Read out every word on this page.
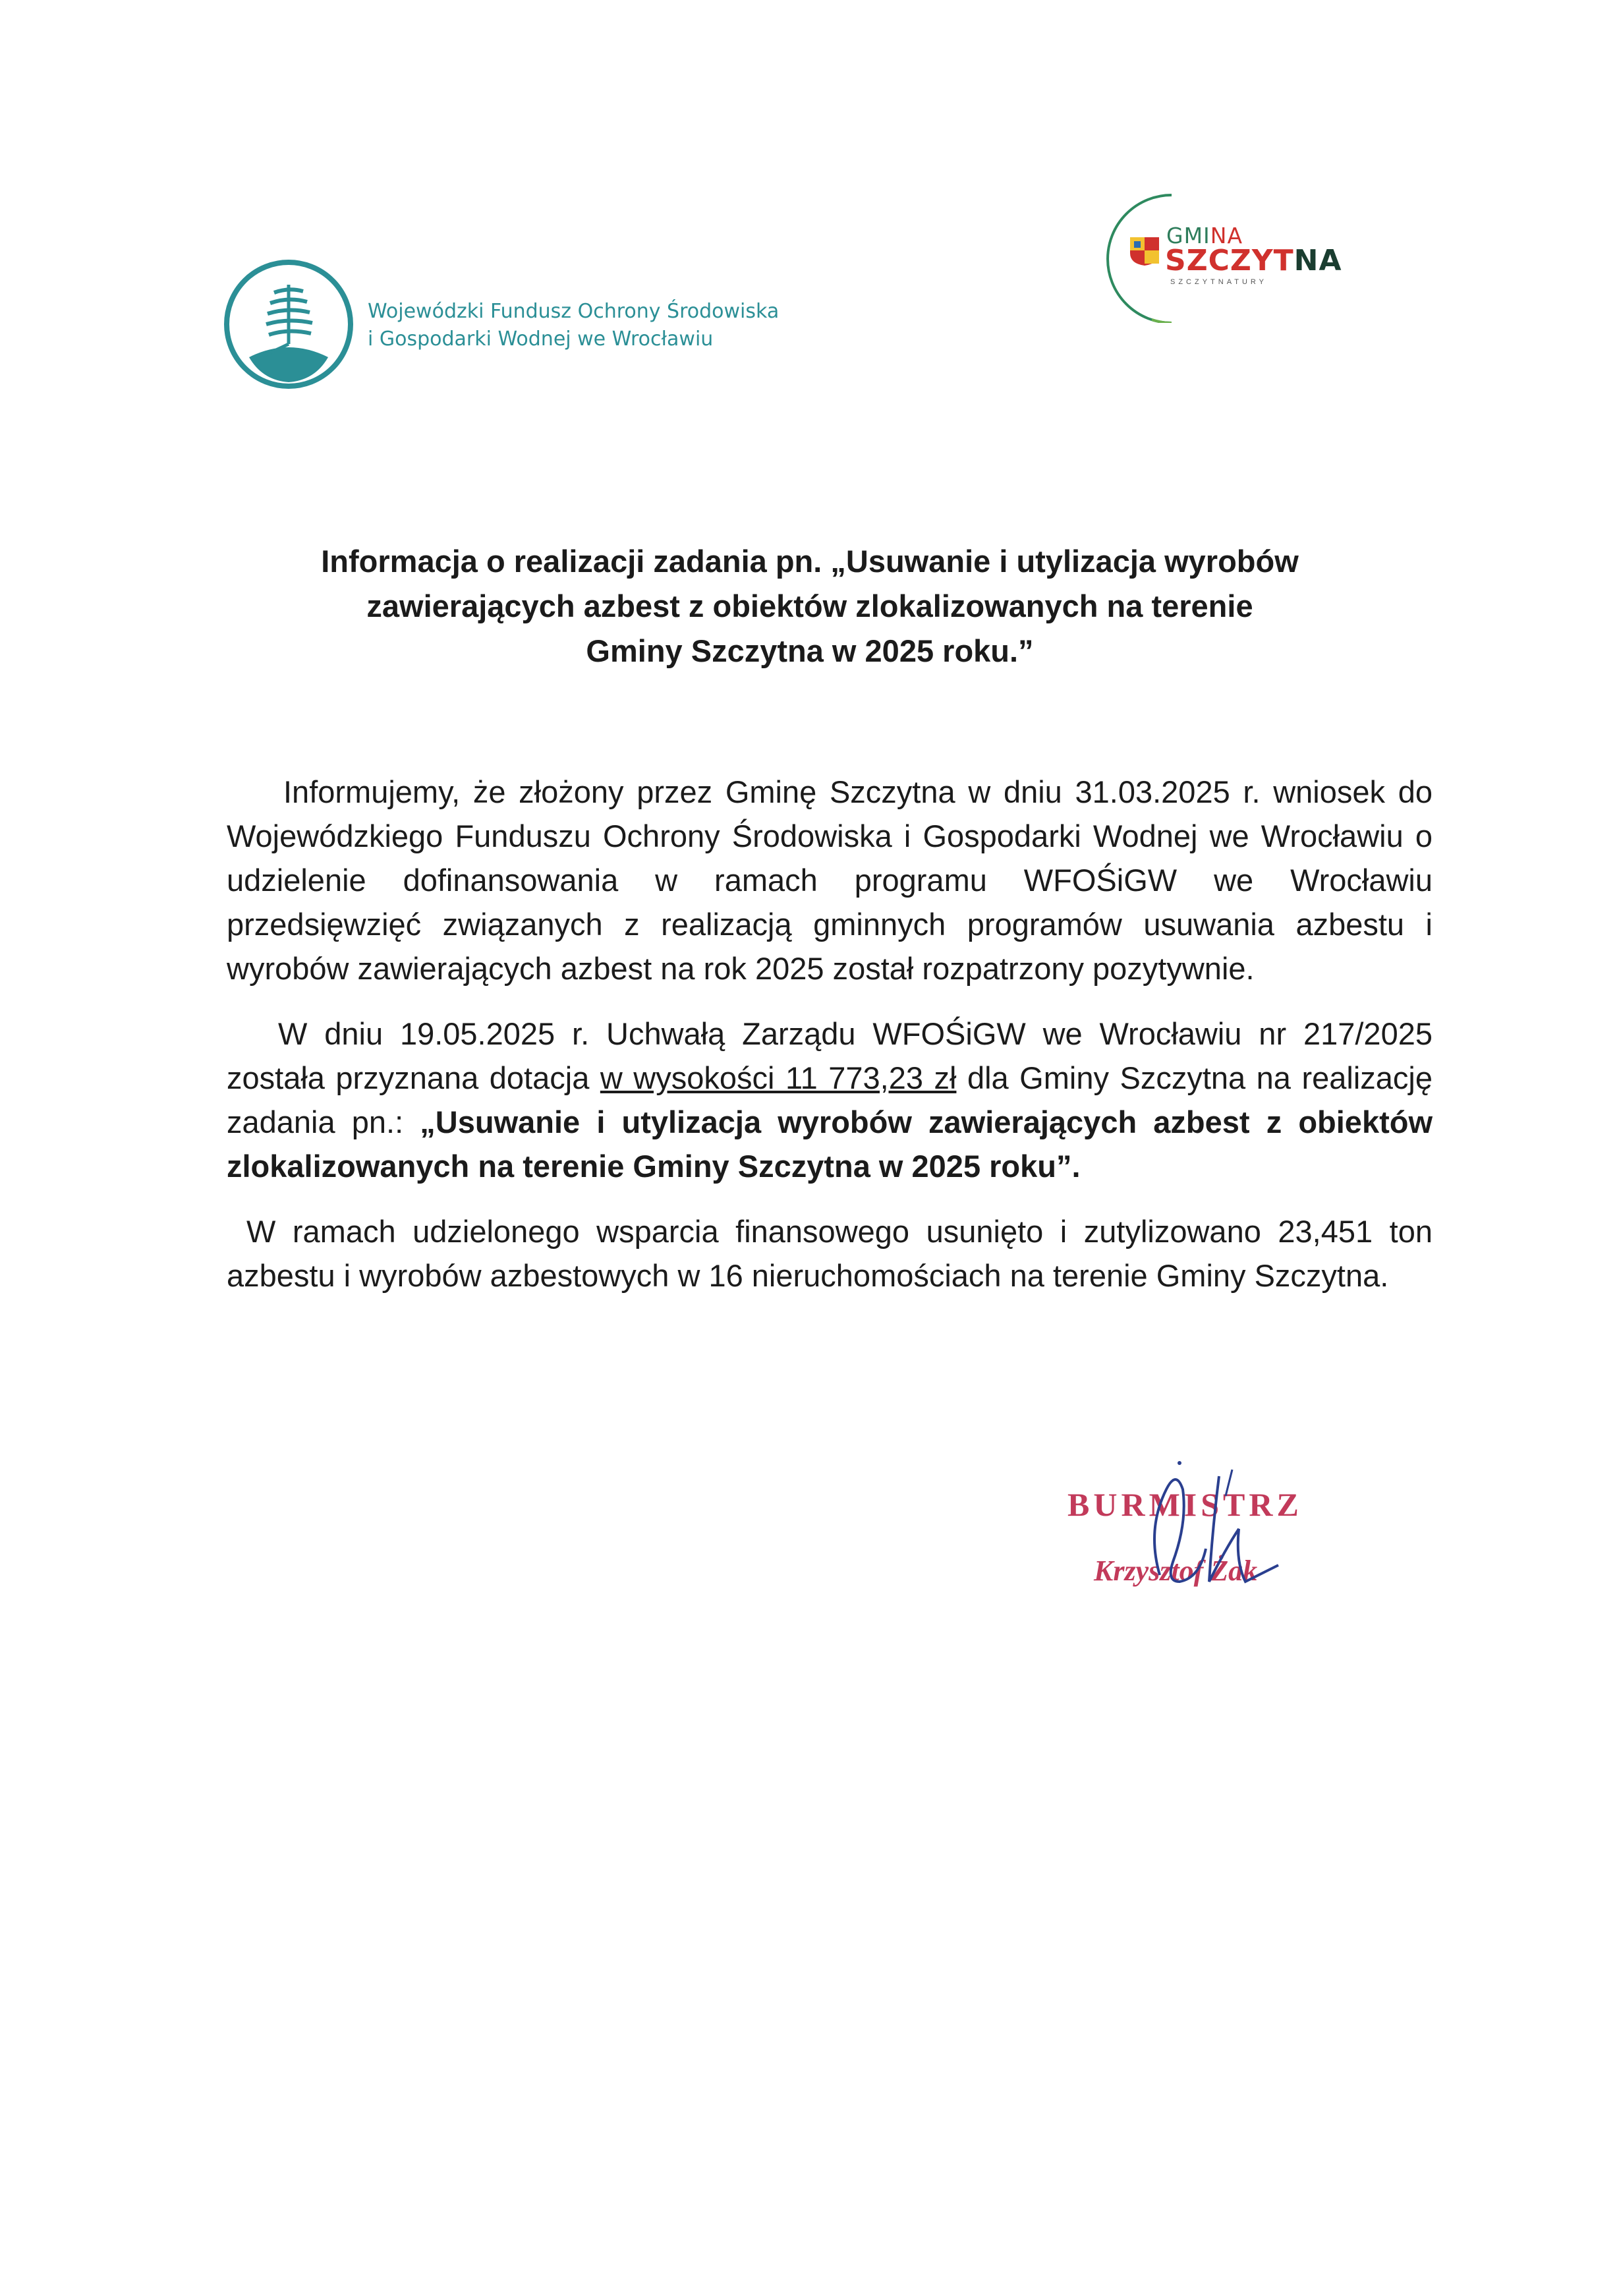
Wojewódzki Fundusz Ochrony Środowiska
i Gospodarki Wodnej we Wrocławiu
GMINA
SZCZYTNA
SZCZYTNATURY
Informacja o realizacji zadania pn. „Usuwanie i utylizacja wyrobów
zawierających azbest z obiektów zlokalizowanych na terenie
Gminy Szczytna w 2025 roku.”

Informujemy, że złożony przez Gminę Szczytna w dniu 31.03.2025 r. wniosek do Wojewódzkiego Funduszu Ochrony Środowiska i Gospodarki Wodnej we Wrocławiu o udzielenie dofinansowania w ramach programu WFOŚiGW we Wrocławiu przedsięwzięć związanych z realizacją gminnych programów usuwania azbestu i wyrobów zawierających azbest na rok 2025 został rozpatrzony pozytywnie.

W dniu 19.05.2025 r. Uchwałą Zarządu WFOŚiGW we Wrocławiu nr 217/2025 została przyznana dotacja w wysokości 11 773,23 zł dla Gminy Szczytna na realizację zadania pn.: „Usuwanie i utylizacja wyrobów zawierających azbest z obiektów zlokalizowanych na terenie Gminy Szczytna w 2025 roku”.

W ramach udzielonego wsparcia finansowego usunięto i zutylizowano 23,451 ton azbestu i wyrobów azbestowych w 16 nieruchomościach na terenie Gminy Szczytna.

BURMISTRZ
Krzysztof Żak
